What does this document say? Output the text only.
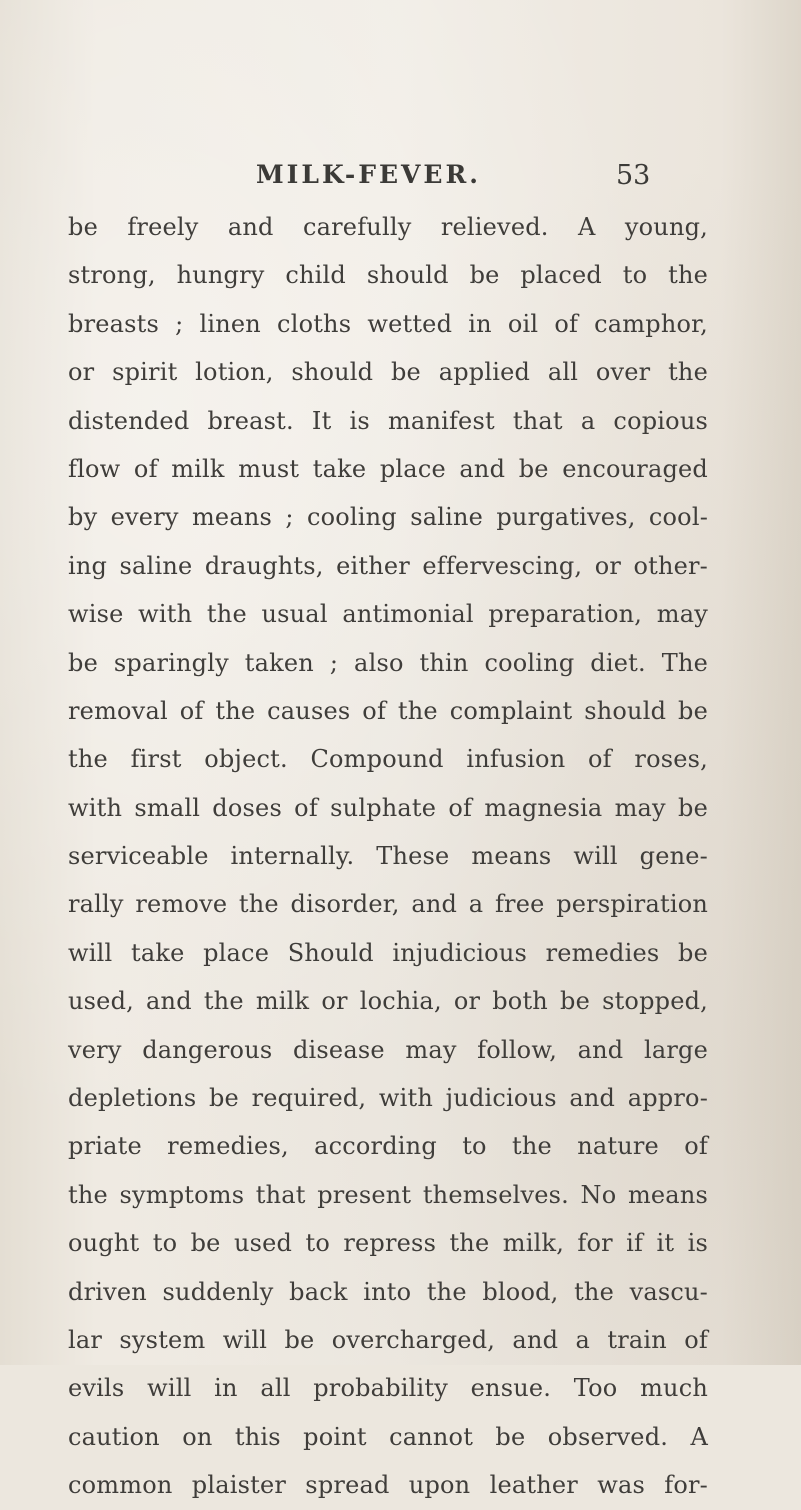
MILK-FEVER.	53
be freely and carefully relieved. A young,
strong, hungry child should be placed to the
breasts ; linen cloths wetted in oil of camphor,
or spirit lotion, should be applied all over the
distended breast. It is manifest that a copious
flow of milk must take place and be encouraged
by every means ; cooling saline purgatives, cool-
ing saline draughts, either effervescing, or other-
wise with the usual antimonial preparation, may
be sparingly taken ; also thin cooling diet. The
removal of the causes of the complaint should be
the first object. Compound infusion of roses,
with small doses of sulphate of magnesia may be
serviceable internally. These means will gene-
rally remove the disorder, and a free perspiration
will take place Should injudicious remedies be
used, and the milk or lochia, or both be stopped,
very dangerous disease may follow, and large
depletions be required, with judicious and appro-
priate remedies, according to the nature of
the symptoms that present themselves. No means
ought to be used to repress the milk, for if it is
driven suddenly back into the blood, the vascu-
lar system will be overcharged, and a train of
evils will in all probability ensue. Too much
caution on this point cannot be observed. A
common plaister spread upon leather was for-
